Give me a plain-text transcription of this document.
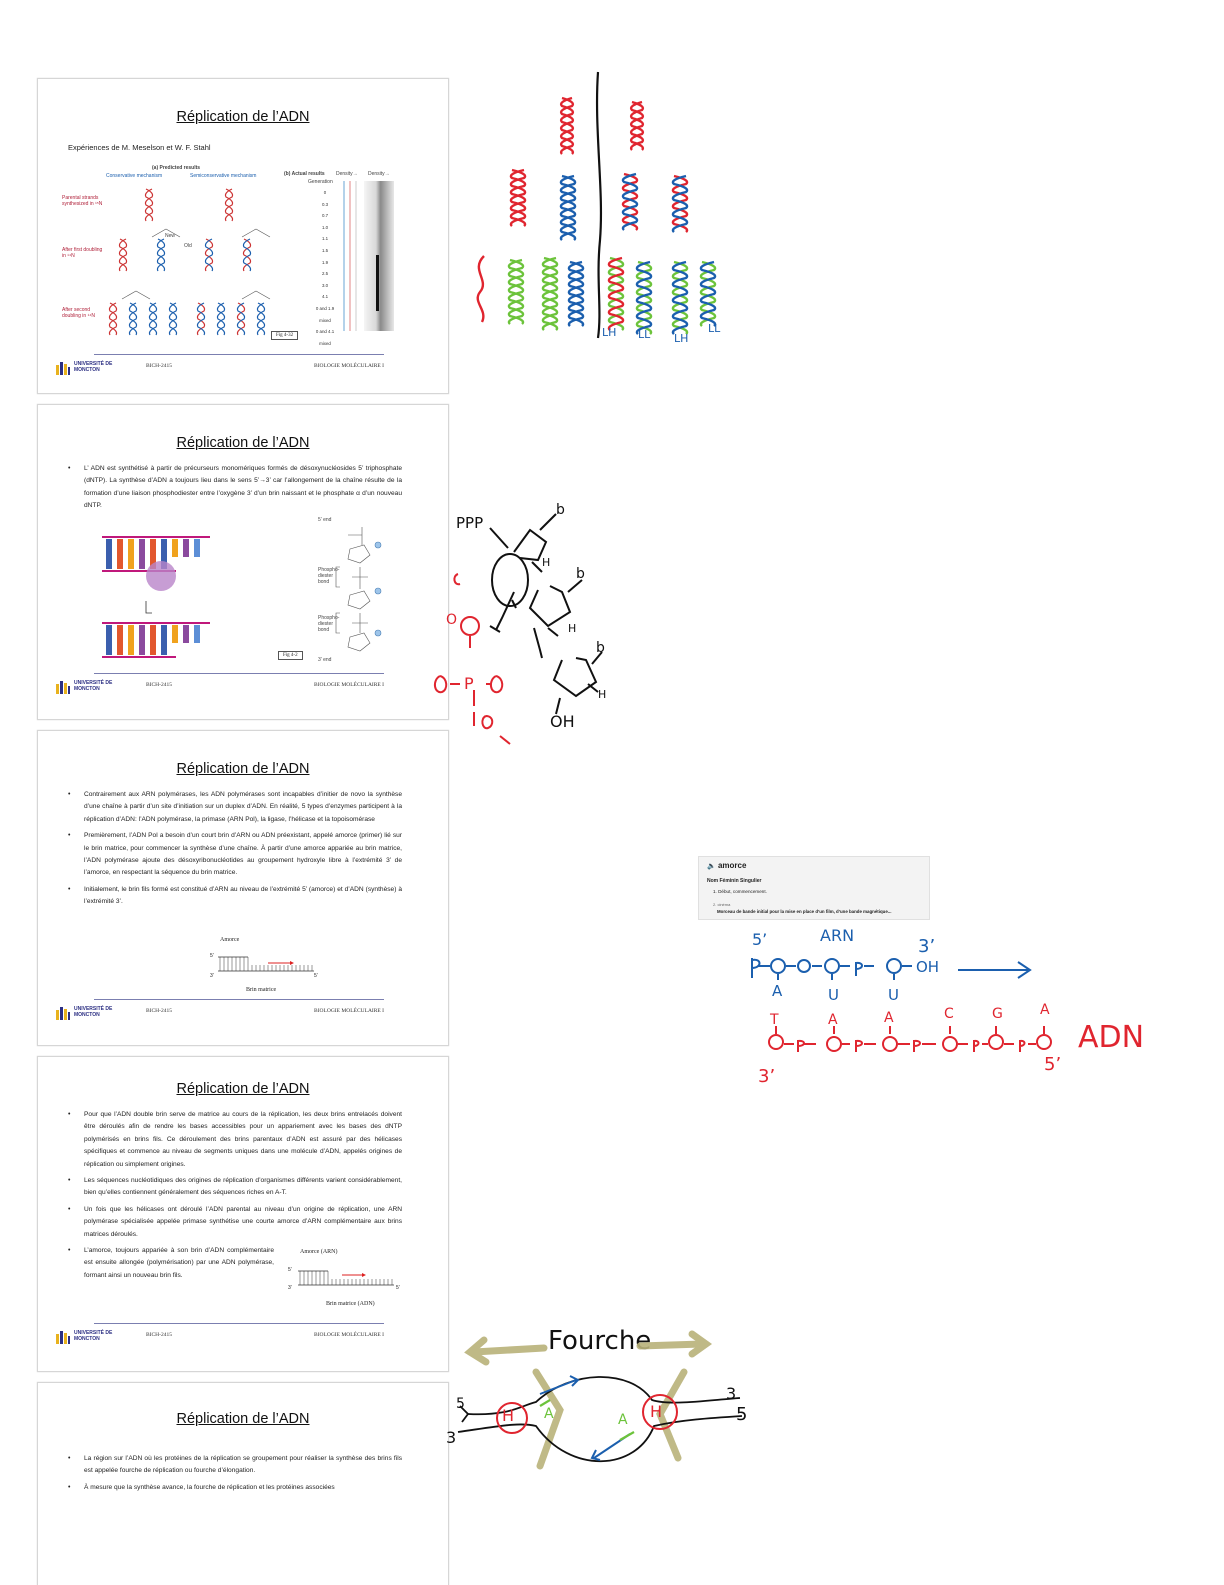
Réplication de l’ADN
Expériences de M. Meselson et W. F. Stahl
(a) Predicted results
Conservative mechanism	Semiconservative mechanism
Parental strands synthesized in ¹⁵N
After first doubling in ¹⁴N
After second doubling in ¹⁴N
New
Old
(b) Actual results Density→ Density→
Generation
0
0.3
0.7
1.0
1.1
1.5
1.9
2.5
3.0
4.1
0 and 1.9 mixed
0 and 4.1 mixed
Fig 4-32
UNIVERSITÉ DE MONCTON
BICH-2415	BIOLOGIE MOLÉCULAIRE I
Réplication de l’ADN
• L’ ADN est synthétisé à partir de précurseurs monomériques formés de désoxynucléosides 5’ triphosphate (dNTP). La synthèse d’ADN a toujours lieu dans le sens 5’→3’ car l’allongement de la chaîne résulte de la formation d’une liaison phosphodiester entre l’oxygène 3’ d’un brin naissant et le phosphate α d’un nouveau dNTP.
5’ end
Phospho-diester bond
Phospho-diester bond
3’ end
Fig 4-2
UNIVERSITÉ DE MONCTON
BICH-2415	BIOLOGIE MOLÉCULAIRE I
Réplication de l’ADN
• Contrairement aux ARN polymérases, les ADN polymérases sont incapables d’initier de novo la synthèse d’une chaîne à partir d’un site d’initiation sur un duplex d’ADN. En réalité, 5 types d’enzymes participent à la réplication d’ADN: l’ADN polymérase, la primase (ARN Pol), la ligase, l’hélicase et la topoisomérase
• Premièrement, l’ADN Pol a besoin d’un court brin d’ARN ou ADN préexistant, appelé amorce (primer) lié sur le brin matrice, pour commencer la synthèse d’une chaîne. À partir d’une amorce appariée au brin matrice, l’ADN polymérase ajoute des désoxyribonucléotides au groupement hydroxyle libre à l’extrémité 3’ de l’amorce, en respectant la séquence du brin matrice.
• Initialement, le brin fils formé est constitué d’ARN au niveau de l’extrémité 5’ (amorce) et d’ADN (synthèse) à l’extrémité 3’.
Amorce
5’
3’	5’
Brin matrice
UNIVERSITÉ DE MONCTON
BICH-2415	BIOLOGIE MOLÉCULAIRE I
Réplication de l’ADN
• Pour que l’ADN double brin serve de matrice au cours de la réplication, les deux brins entrelacés doivent être déroulés afin de rendre les bases accessibles pour un appariement avec les bases des dNTP polymérisés en brins fils. Ce déroulement des brins parentaux d’ADN est assuré par des hélicases spécifiques et commence au niveau de segments uniques dans une molécule d’ADN, appelés origines de réplication ou simplement origines.
• Les séquences nucléotidiques des origines de réplication d’organismes différents varient considérablement, bien qu’elles contiennent généralement des séquences riches en A-T.
• Un fois que les hélicases ont déroulé l’ADN parental au niveau d’un origine de réplication, une ARN polymérase spécialisée appelée primase synthétise une courte amorce d’ARN complémentaire aux brins matrices déroulés.
• L’amorce, toujours appariée à son brin d’ADN complémentaire est ensuite allongée (polymérisation) par une ADN polymérase, formant ainsi un nouveau brin fils.
Amorce (ARN)
5’
3’	5’
Brin matrice (ADN)
UNIVERSITÉ DE MONCTON
BICH-2415	BIOLOGIE MOLÉCULAIRE I
Réplication de l’ADN
• La région sur l’ADN où les protéines de la réplication se groupement pour réaliser la synthèse des brins fils est appelée fourche de réplication ou fourche d’élongation.
• À mesure que la synthèse avance, la fourche de réplication et les protéines associées
LH LL LH
LL
PPP
P
b
b
b
H
H
H
OH
O
🔈 amorce
Nom Féminin Singulier
1. Début, commencement.
2. cinéma
Morceau de bande initial pour la mise en place d’un film, d’une bande magnétique...
ARN
5’	3’
OH
A	U	U
T	A	A	C	G	A
ADN
3’
5’
Fourche
H	H
A	A
5
3
3
5
